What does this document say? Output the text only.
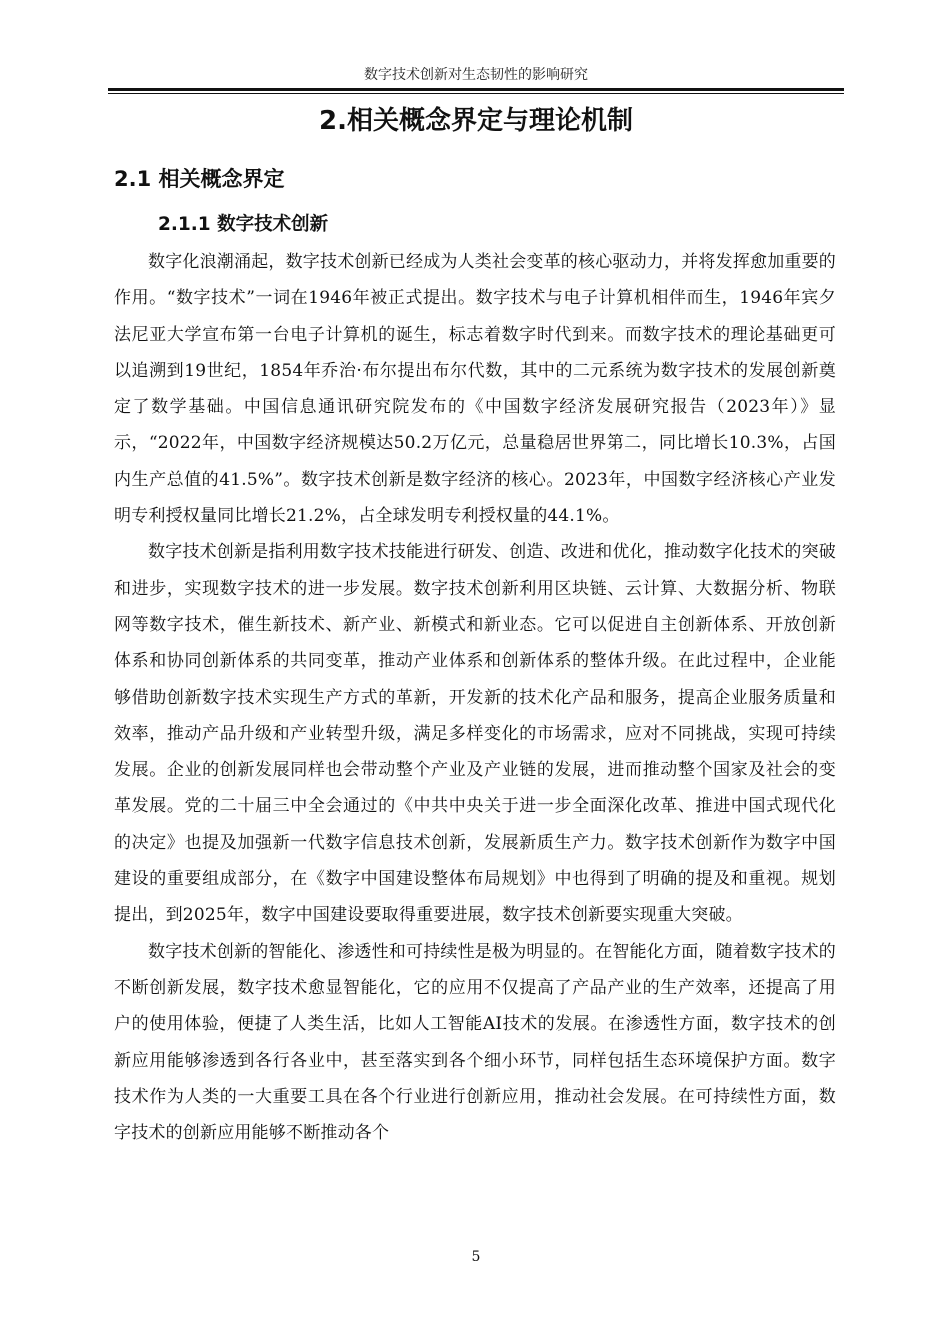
数字技术创新对生态韧性的影响研究
2.相关概念界定与理论机制
2.1 相关概念界定
2.1.1 数字技术创新

数字化浪潮涌起，数字技术创新已经成为人类社会变革的核心驱动力，并将发挥愈加重要的作用。“数字技术”一词在1946年被正式提出。数字技术与电子计算机相伴而生，1946年宾夕法尼亚大学宣布第一台电子计算机的诞生，标志着数字时代到来。而数字技术的理论基础更可以追溯到19世纪，1854年乔治·布尔提出布尔代数，其中的二元系统为数字技术的发展创新奠定了数学基础。中国信息通讯研究院发布的《中国数字经济发展研究报告（2023年）》显示，“2022年，中国数字经济规模达50.2万亿元，总量稳居世界第二，同比增长10.3%，占国内生产总值的41.5%”。数字技术创新是数字经济的核心。2023年，中国数字经济核心产业发明专利授权量同比增长21.2%，占全球发明专利授权量的44.1%。

数字技术创新是指利用数字技术技能进行研发、创造、改进和优化，推动数字化技术的突破和进步，实现数字技术的进一步发展。数字技术创新利用区块链、云计算、大数据分析、物联网等数字技术，催生新技术、新产业、新模式和新业态。它可以促进自主创新体系、开放创新体系和协同创新体系的共同变革，推动产业体系和创新体系的整体升级。在此过程中，企业能够借助创新数字技术实现生产方式的革新，开发新的技术化产品和服务，提高企业服务质量和效率，推动产品升级和产业转型升级，满足多样变化的市场需求，应对不同挑战，实现可持续发展。企业的创新发展同样也会带动整个产业及产业链的发展，进而推动整个国家及社会的变革发展。党的二十届三中全会通过的《中共中央关于进一步全面深化改革、推进中国式现代化的决定》也提及加强新一代数字信息技术创新，发展新质生产力。数字技术创新作为数字中国建设的重要组成部分，在《数字中国建设整体布局规划》中也得到了明确的提及和重视。规划提出，到2025年，数字中国建设要取得重要进展，数字技术创新要实现重大突破。

数字技术创新的智能化、渗透性和可持续性是极为明显的。在智能化方面，随着数字技术的不断创新发展，数字技术愈显智能化，它的应用不仅提高了产品产业的生产效率，还提高了用户的使用体验，便捷了人类生活，比如人工智能AI技术的发展。在渗透性方面，数字技术的创新应用能够渗透到各行各业中，甚至落实到各个细小环节，同样包括生态环境保护方面。数字技术作为人类的一大重要工具在各个行业进行创新应用，推动社会发展。在可持续性方面，数字技术的创新应用能够不断推动各个

5
